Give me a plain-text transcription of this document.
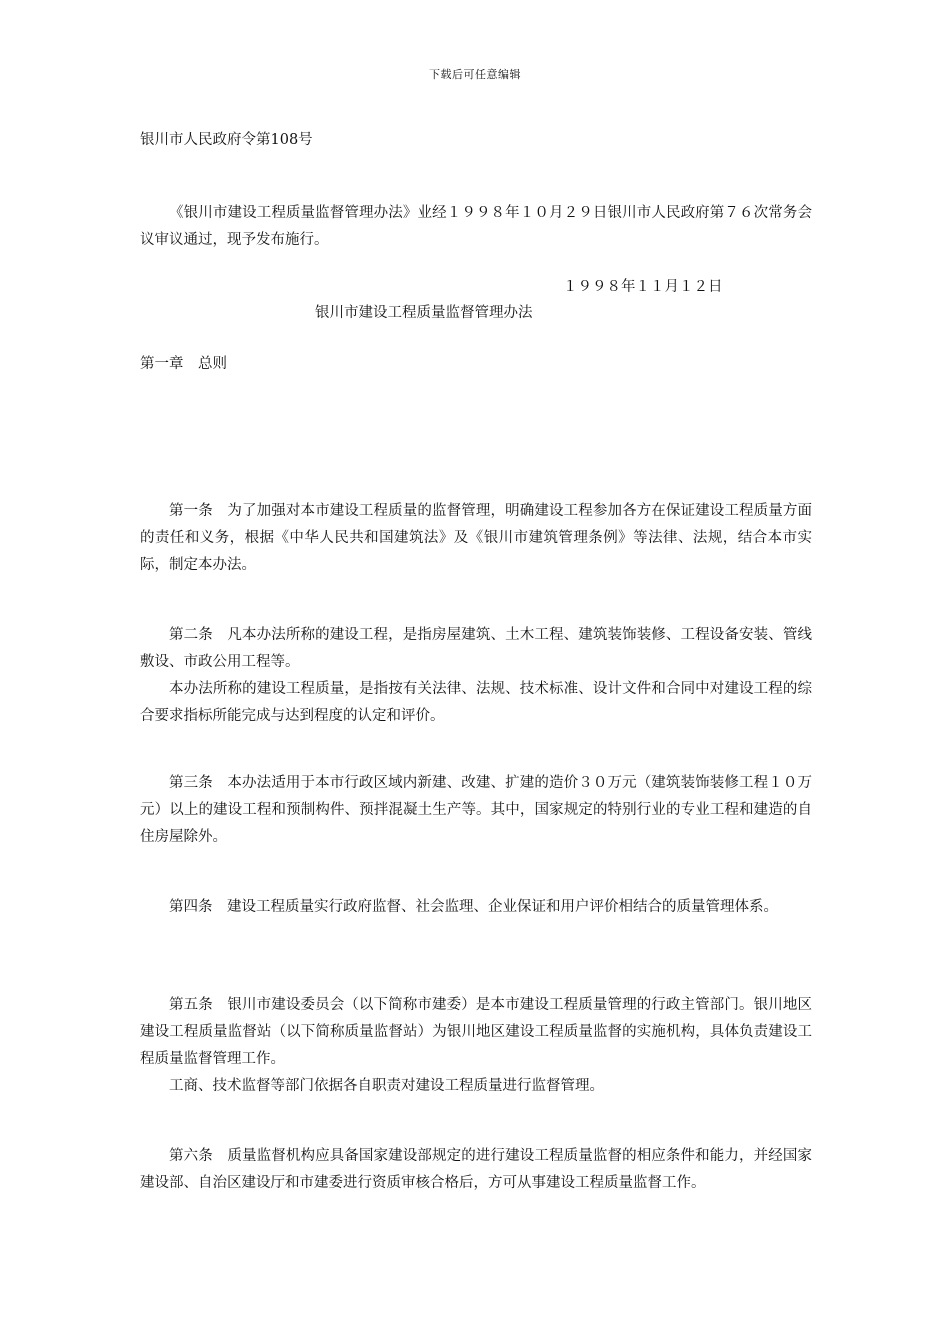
下载后可任意编辑
银川市人民政府令第108号
《银川市建设工程质量监督管理办法》业经１９９８年１０月２９日银川市人民政府第７６次常务会议审议通过，现予发布施行。
１９９８年１１月１２日
银川市建设工程质量监督管理办法
第一章　总则
第一条 为了加强对本市建设工程质量的监督管理，明确建设工程参加各方在保证建设工程质量方面的责任和义务，根据《中华人民共和国建筑法》及《银川市建筑管理条例》等法律、法规，结合本市实际，制定本办法。
第二条 凡本办法所称的建设工程，是指房屋建筑、土木工程、建筑装饰装修、工程设备安装、管线敷设、市政公用工程等。
本办法所称的建设工程质量，是指按有关法律、法规、技术标准、设计文件和合同中对建设工程的综合要求指标所能完成与达到程度的认定和评价。
第三条 本办法适用于本市行政区域内新建、改建、扩建的造价３０万元（建筑装饰装修工程１０万元）以上的建设工程和预制构件、预拌混凝土生产等。其中，国家规定的特别行业的专业工程和建造的自住房屋除外。
第四条 建设工程质量实行政府监督、社会监理、企业保证和用户评价相结合的质量管理体系。
第五条 银川市建设委员会（以下简称市建委）是本市建设工程质量管理的行政主管部门。银川地区建设工程质量监督站（以下简称质量监督站）为银川地区建设工程质量监督的实施机构，具体负责建设工程质量监督管理工作。
工商、技术监督等部门依据各自职责对建设工程质量进行监督管理。
第六条 质量监督机构应具备国家建设部规定的进行建设工程质量监督的相应条件和能力，并经国家建设部、自治区建设厅和市建委进行资质审核合格后，方可从事建设工程质量监督工作。
